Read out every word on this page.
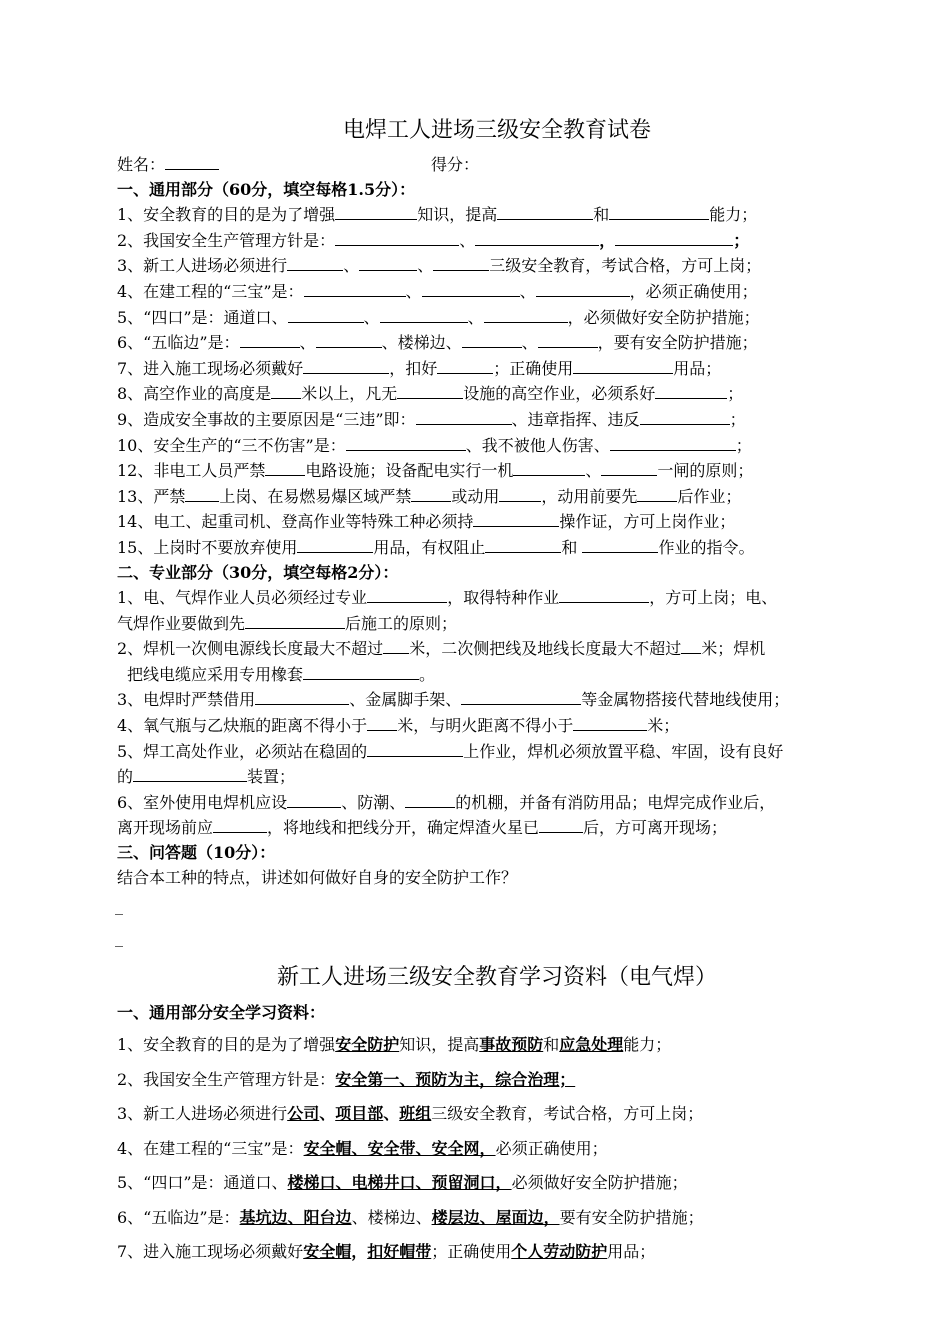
电焊工人进场三级安全教育试卷
姓名：	得分：
一、通用部分（60分，填空每格1.5分）：
1、安全教育的目的是为了增强	知识，提高	和	能力；
2、我国安全生产管理方针是：	、	，	；
3、新工人进场必须进行	、	、	三级安全教育，考试合格，方可上岗；
4、在建工程的“三宝”是：	、	、	，必须正确使用；
5、“四口”是：通道口、	、	、	，必须做好安全防护措施；
6、“五临边”是：	、	、楼梯边、	、	，要有安全防护措施；
7、进入施工现场必须戴好	，扣好	；正确使用	用品；
8、高空作业的高度是 米以上，凡无	设施的高空作业，必须系好	；
9、造成安全事故的主要原因是“三违”即：	、违章指挥、违反	；
10、安全生产的“三不伤害”是：	、我不被他人伤害、	；
12、非电工人员严禁	电路设施；设备配电实行一机	、	一闸的原则；
13、严禁 上岗、在易燃易爆区域严禁	或动用	，动用前要先	后作业；
14、电工、起重司机、登高作业等特殊工种必须持	操作证，方可上岗作业；
15、上岗时不要放弃使用	用品，有权阻止	和	作业的指令。
二、专业部分（30分，填空每格2分）：
1、电、气焊作业人员必须经过专业	，取得特种作业	，方可上岗；电、
气焊作业要做到先	后施工的原则；
2、焊机一次侧电源线长度最大不超过 米，二次侧把线及地线长度最大不超过 米；焊机
把线电缆应采用专用橡套	。
3、电焊时严禁借用	、金属脚手架、	等金属物搭接代替地线使用；
4、氧气瓶与乙炔瓶的距离不得小于 米，与明火距离不得小于	米；
5、焊工高处作业，必须站在稳固的	上作业，焊机必须放置平稳、牢固，设有良好
的	装置；
6、室外使用电焊机应设	、防潮、	的机棚，并备有消防用品；电焊完成作业后，
离开现场前应	，将地线和把线分开，确定焊渣火星已	后，方可离开现场；
三、问答题（10分）：
结合本工种的特点，讲述如何做好自身的安全防护工作？
_
_
新工人进场三级安全教育学习资料（电气焊）
一、通用部分安全学习资料：
1、安全教育的目的是为了增强安全防护知识，提高事故预防和应急处理能力；
2、我国安全生产管理方针是：安全第一、预防为主，综合治理；
3、新工人进场必须进行公司、项目部、班组三级安全教育，考试合格，方可上岗；
4、在建工程的“三宝”是：安全帽、安全带、安全网，必须正确使用；
5、“四口”是：通道口、楼梯口、电梯井口、预留洞口，必须做好安全防护措施；
6、“五临边”是：基坑边、阳台边、楼梯边、楼层边、屋面边，要有安全防护措施；
7、进入施工现场必须戴好安全帽，扣好帽带；正确使用个人劳动防护用品；
